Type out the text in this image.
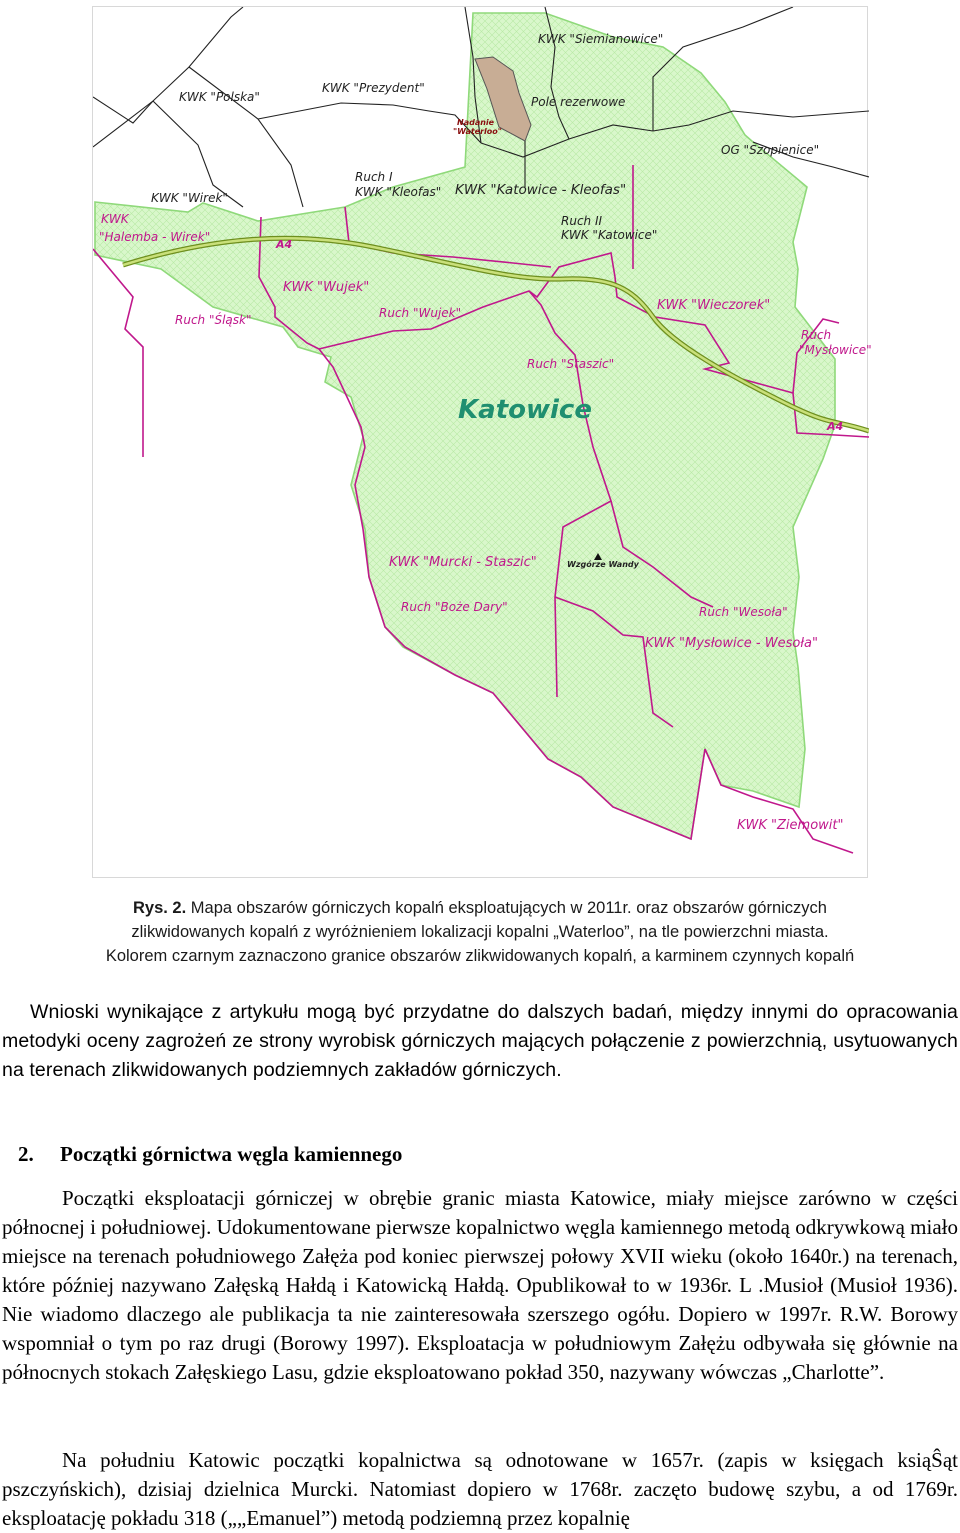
KWK "Siemianowice"
KWK "Polska"
KWK "Prezydent"
Nadanie
"Waterloo"
Pole rezerwowe
OG "Szopienice"
KWK "Wirek"
Ruch I
KWK "Kleofas" KWK "Katowice - Kleofas"
KWK
"Halemba - Wirek"
A4
Ruch II
KWK "Katowice"
KWK "Wujek"
Ruch "Śląsk"	Ruch "Wujek"	KWK "Wieczorek"
Ruch
"Mysłowice"
Ruch "Staszic"
Katowice
A4
KWK "Murcki - Staszic"	Wzgórze Wandy
Ruch "Boże Dary"	Ruch "Wesoła"
KWK "Mysłowice - Wesoła"
KWK "Ziemowit"
Rys. 2. Mapa obszarów górniczych kopalń eksploatujących w 2011r. oraz obszarów górniczych
zlikwidowanych kopalń z wyróżnieniem lokalizacji kopalni „Waterloo”, na tle powierzchni miasta.
Kolorem czarnym zaznaczono granice obszarów zlikwidowanych kopalń, a karminem czynnych kopalń

Wnioski wynikające z artykułu mogą być przydatne do dalszych badań, między innymi do opracowania metodyki oceny zagrożeń ze strony wyrobisk górniczych mających połączenie z powierzchnią, usytuowanych na terenach zlikwidowanych podziemnych zakładów górniczych.

2. Początki górnictwa węgla kamiennego

Początki eksploatacji górniczej w obrębie granic miasta Katowice, miały miejsce zarówno w części północnej i południowej. Udokumentowane pierwsze kopalnictwo węgla kamiennego metodą odkrywkową miało miejsce na terenach południowego Załęża pod koniec pierwszej połowy XVII wieku (około 1640r.) na terenach, które później nazywano Załęską Hałdą i Katowicką Hałdą. Opublikował to w 1936r. L .Musioł (Musioł 1936). Nie wiadomo dlaczego ale publikacja ta nie zainteresowała szerszego ogółu. Dopiero w 1997r. R.W. Borowy wspomniał o tym po raz drugi (Borowy 1997). Eksploatacja w południowym Załężu odbywała się głównie na północnych stokach Załęskiego Lasu, gdzie eksploatowano pokład 350, nazywany wówczas „Charlotte”.

Na południu Katowic początki kopalnictwa są odnotowane w 1657r. (zapis w księgach ksiąŜąt pszczyńskich), dzisiaj dzielnica Murcki. Natomiast dopiero w 1768r. zaczęto budowę szybu, a od 1769r. eksploatację pokładu 318 („„Emanuel”) metodą podziemną przez kopalnię
